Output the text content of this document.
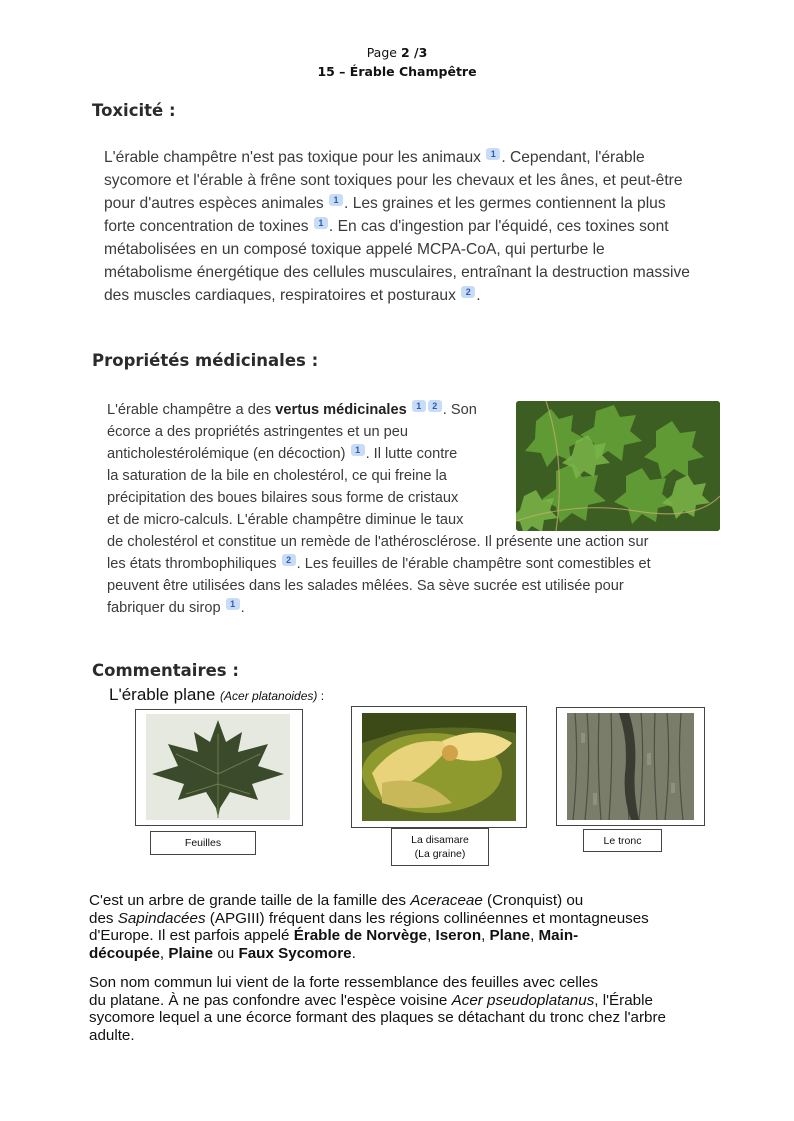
Page 2 /3
15 – Érable Champêtre
Toxicité :

L'érable champêtre n'est pas toxique pour les animaux 1 . Cependant, l'érable

sycomore et l'érable à frêne sont toxiques pour les chevaux et les ânes, et peut-être

pour d'autres espèces animales 1 . Les graines et les germes contiennent la plus

forte concentration de toxines 1 . En cas d'ingestion par l'équidé, ces toxines sont

métabolisées en un composé toxique appelé MCPA-CoA, qui perturbe le

métabolisme énergétique des cellules musculaires, entraînant la destruction massive

des muscles cardiaques, respiratoires et posturaux 2 .

Propriétés médicinales :

L'érable champêtre a des vertus médicinales 1 2 . Son

écorce a des propriétés astringentes et un peu

anticholestérolémique (en décoction) 1 . Il lutte contre

la saturation de la bile en cholestérol, ce qui freine la

précipitation des boues bilaires sous forme de cristaux

et de micro-calculs. L'érable champêtre diminue le taux

de cholestérol et constitue un remède de l'athérosclérose. Il présente une action sur

les états thrombophiliques 2 . Les feuilles de l'érable champêtre sont comestibles et

peuvent être utilisées dans les salades mêlées. Sa sève sucrée est utilisée pour

fabriquer du sirop 1 .

Commentaires :
L'érable plane (Acer platanoides) :
Feuilles	La disamare
(La graine)
Le tronc

C'est un arbre de grande taille de la famille des Aceraceae (Cronquist) ou

des Sapindacées (APGIII) fréquent dans les régions collinéennes et montagneuses

d'Europe. Il est parfois appelé Érable de Norvège, Iseron, Plane, Main-

découpée, Plaine ou Faux Sycomore.

Son nom commun lui vient de la forte ressemblance des feuilles avec celles

du platane. À ne pas confondre avec l'espèce voisine Acer pseudoplatanus, l'Érable

sycomore lequel a une écorce formant des plaques se détachant du tronc chez l'arbre

adulte.
